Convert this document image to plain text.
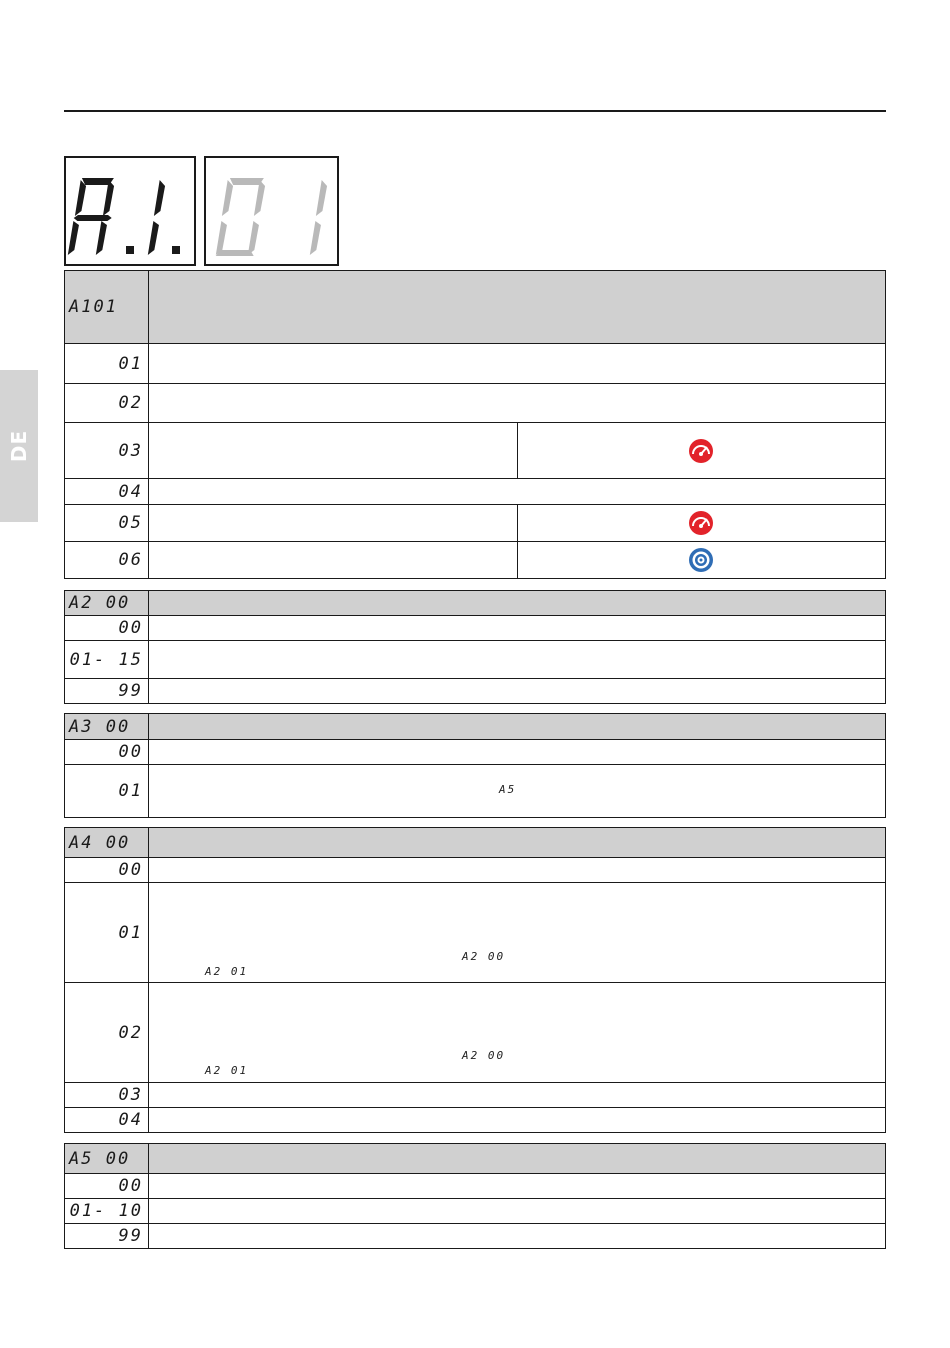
DE
A101		
01		
02		
03		
04		
05		
06		
A2 00	
00	
01- 15	
99	
A3 00	
00	
01	A5
A4 00	
00	
01	A2 00
A2 01

02	A2 00
A2 01

03	
04	
A5 00	
00	
01- 10	
99	
